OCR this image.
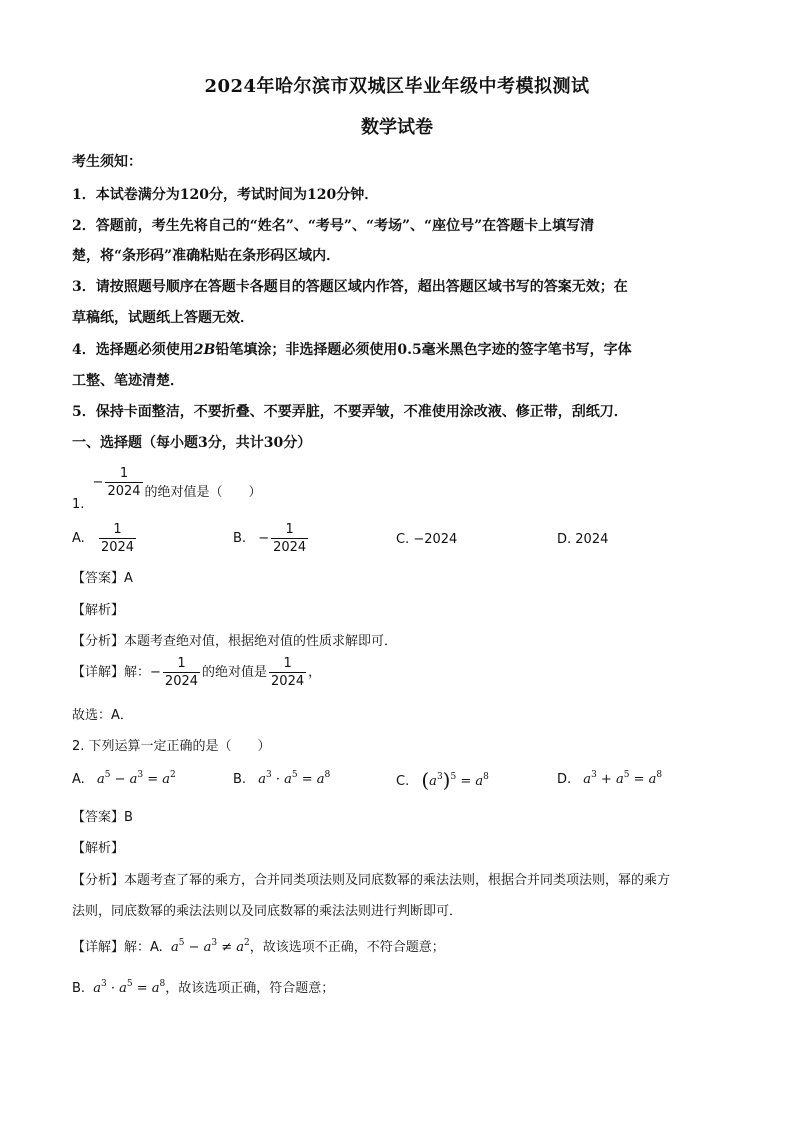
2024年哈尔滨市双城区毕业年级中考模拟测试
数学试卷
考生须知：
1．本试卷满分为120分，考试时间为120分钟．
2．答题前，考生先将自己的“姓名”、“考号”、“考场”、“座位号”在答题卡上填写清
楚，将“条形码”准确粘贴在条形码区域内．
3．请按照题号顺序在答题卡各题目的答题区域内作答，超出答题区域书写的答案无效；在
草稿纸，试题纸上答题无效．
4．选择题必须使用2B铅笔填涂；非选择题必须使用0.5毫米黑色字迹的签字笔书写，字体
工整、笔迹清楚．
5．保持卡面整洁，不要折叠、不要弄脏，不要弄皱，不准使用涂改液、修正带，刮纸刀．
一、选择题（每小题3分，共计30分）
1. − $\frac{1}{2024}$ 的绝对值是（　　）
A. $\frac{1}{2024}$	B. − $\frac{1}{2024}$	C. −2024	D. 2024
【答案】A
【解析】
【分析】本题考查绝对值，根据绝对值的性质求解即可．
【详解】解：− $\frac{1}{2024}$ 的绝对值是 $\frac{1}{2024}$ ，
故选：A．
2. 下列运算一定正确的是（　　）
A. $a^5 - a^3 = a^2$	B. $a^3 \cdot a^5 = a^8$	C. $(a^3)^5 = a^8$	D. $a^3 + a^5 = a^8$
【答案】B
【解析】
【分析】本题考查了幂的乘方，合并同类项法则及同底数幂的乘法法则，根据合并同类项法则，幂的乘方
法则，同底数幂的乘法法则以及同底数幂的乘法法则进行判断即可．
【详解】解：A. $a^5 - a^3 \ne a^2$，故该选项不正确，不符合题意；
B. $a^3 \cdot a^5 = a^8$，故该选项正确，符合题意；
